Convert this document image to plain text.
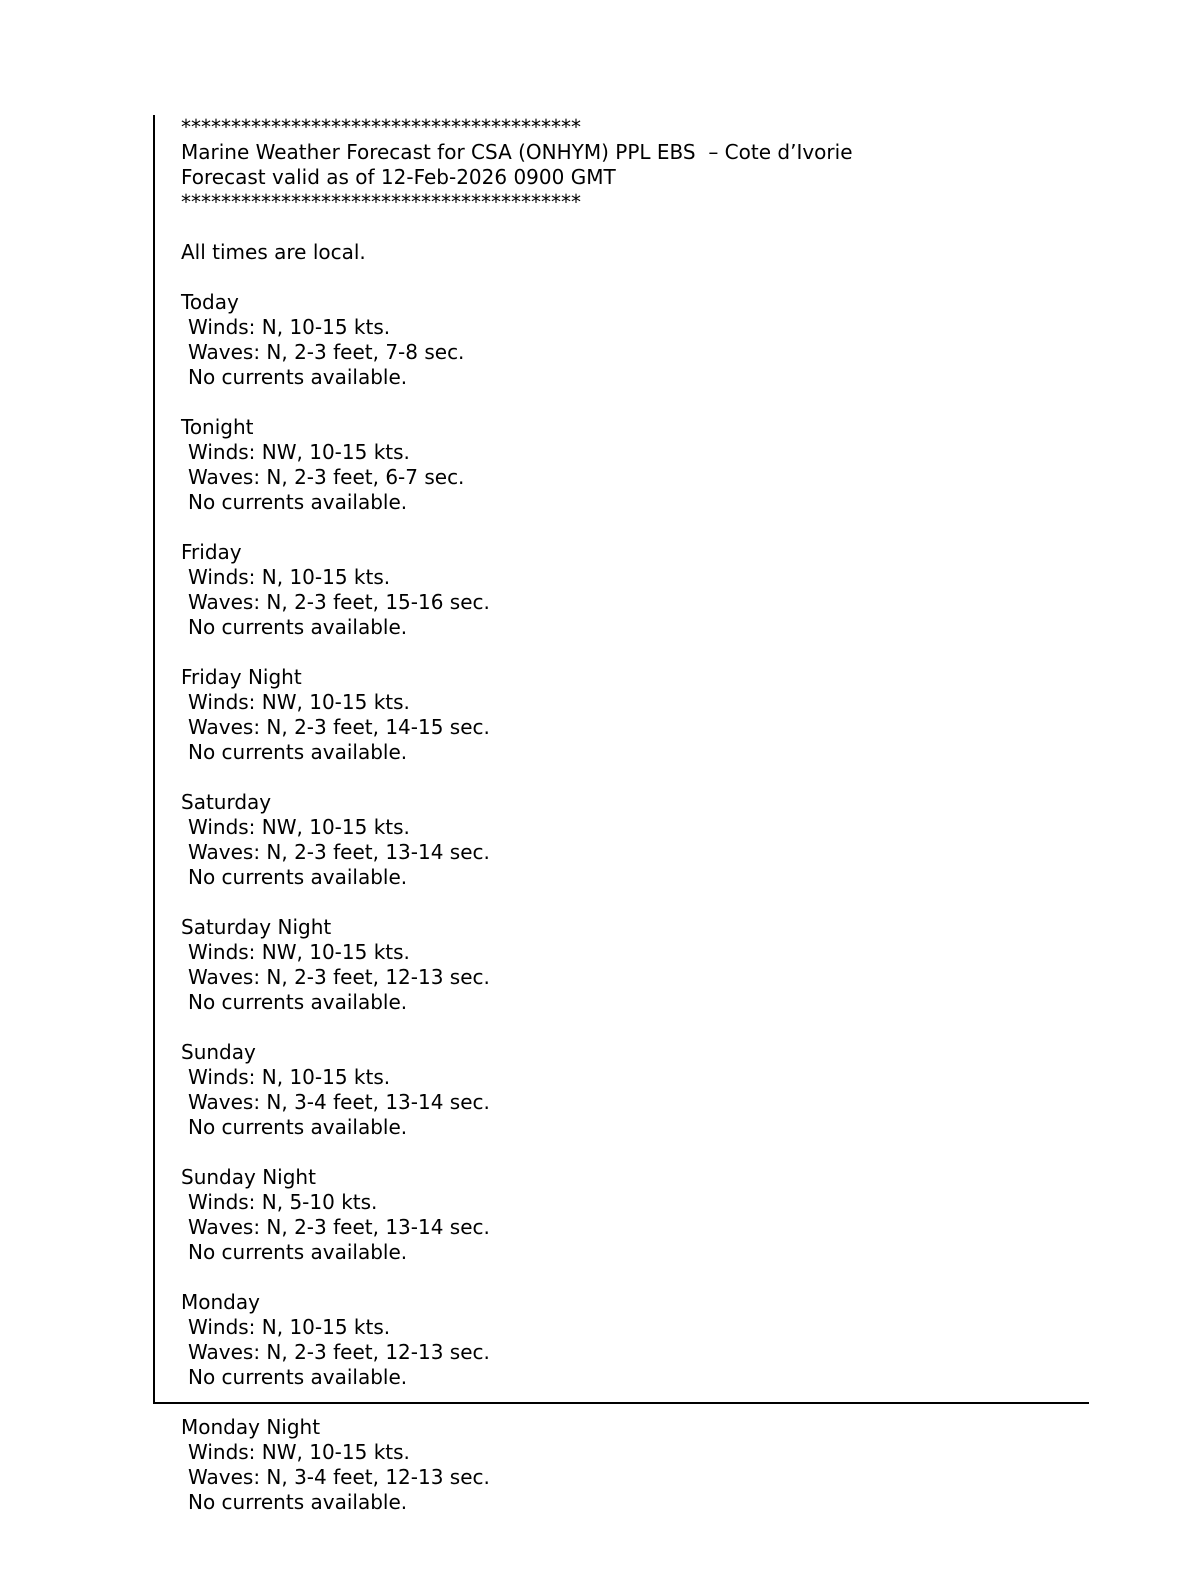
****************************************
Marine Weather Forecast for CSA (ONHYM) PPL EBS  – Cote d’Ivorie
Forecast valid as of 12-Feb-2026 0900 GMT
****************************************
All times are local.
Today
Winds: N, 10-15 kts.
Waves: N, 2-3 feet, 7-8 sec.
No currents available.
Tonight
Winds: NW, 10-15 kts.
Waves: N, 2-3 feet, 6-7 sec.
No currents available.
Friday
Winds: N, 10-15 kts.
Waves: N, 2-3 feet, 15-16 sec.
No currents available.
Friday Night
Winds: NW, 10-15 kts.
Waves: N, 2-3 feet, 14-15 sec.
No currents available.
Saturday
Winds: NW, 10-15 kts.
Waves: N, 2-3 feet, 13-14 sec.
No currents available.
Saturday Night
Winds: NW, 10-15 kts.
Waves: N, 2-3 feet, 12-13 sec.
No currents available.
Sunday
Winds: N, 10-15 kts.
Waves: N, 3-4 feet, 13-14 sec.
No currents available.
Sunday Night
Winds: N, 5-10 kts.
Waves: N, 2-3 feet, 13-14 sec.
No currents available.
Monday
Winds: N, 10-15 kts.
Waves: N, 2-3 feet, 12-13 sec.
No currents available.
Monday Night
Winds: NW, 10-15 kts.
Waves: N, 3-4 feet, 12-13 sec.
No currents available.
